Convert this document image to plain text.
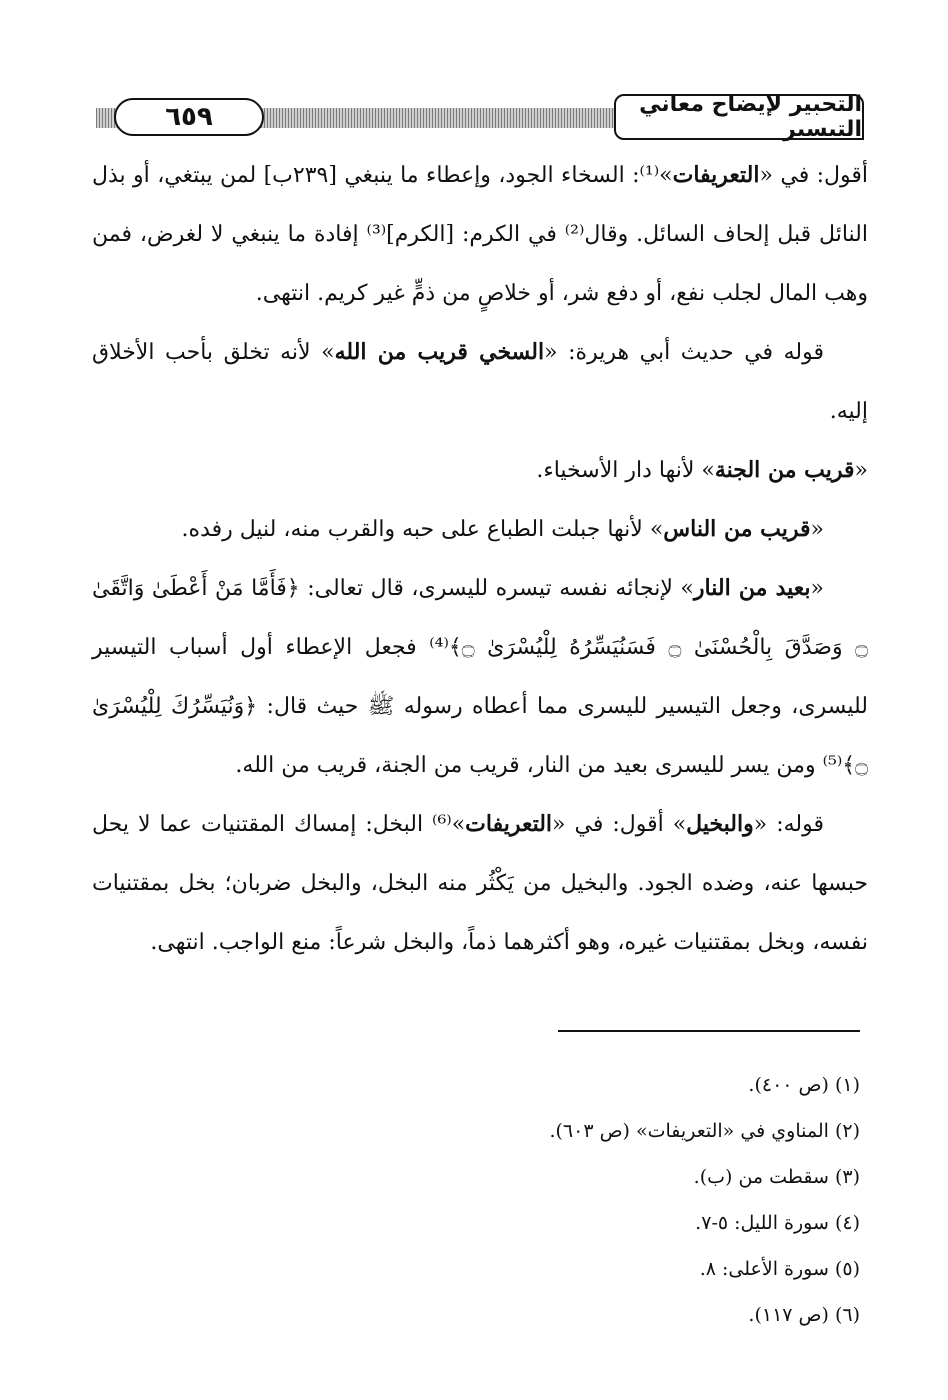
٦٥٩	التحبير لإيضاح معاني التيسير

أقول: في «التعريفات»⁽¹⁾: السخاء الجود، وإعطاء ما ينبغي [٢٣٩ب] لمن يبتغي، أو بذل النائل قبل إلحاف السائل. وقال⁽²⁾ في الكرم: [الكرم]⁽³⁾ إفادة ما ينبغي لا لغرض، فمن وهب المال لجلب نفع، أو دفع شر، أو خلاصٍ من ذمٍّ غير كريم. انتهى.

قوله في حديث أبي هريرة: «السخي قريب من الله» لأنه تخلق بأحب الأخلاق إليه.

«قريب من الجنة» لأنها دار الأسخياء.

«قريب من الناس» لأنها جبلت الطباع على حبه والقرب منه، لنيل رفده.

«بعيد من النار» لإنجائه نفسه تيسره لليسرى، قال تعالى: ﴿فَأَمَّا مَنْ أَعْطَىٰ وَاتَّقَىٰ ۝ وَصَدَّقَ بِالْحُسْنَىٰ ۝ فَسَنُيَسِّرُهُ لِلْيُسْرَىٰ ۝﴾⁽⁴⁾ فجعل الإعطاء أول أسباب التيسير لليسرى، وجعل التيسير لليسرى مما أعطاه رسوله ﷺ حيث قال: ﴿وَنُيَسِّرُكَ لِلْيُسْرَىٰ ۝﴾⁽⁵⁾ ومن يسر لليسرى بعيد من النار، قريب من الجنة، قريب من الله.

قوله: «والبخيل» أقول: في «التعريفات»⁽⁶⁾ البخل: إمساك المقتنيات عما لا يحل حبسها عنه، وضده الجود. والبخيل من يَكْثُر منه البخل، والبخل ضربان؛ بخل بمقتنيات نفسه، وبخل بمقتنيات غيره، وهو أكثرهما ذماً، والبخل شرعاً: منع الواجب. انتهى.

(١) (ص ٤٠٠).
(٢) المناوي في «التعريفات» (ص ٦٠٣).
(٣) سقطت من (ب).
(٤) سورة الليل: ٥-٧.
(٥) سورة الأعلى: ٨.
(٦) (ص ١١٧).
